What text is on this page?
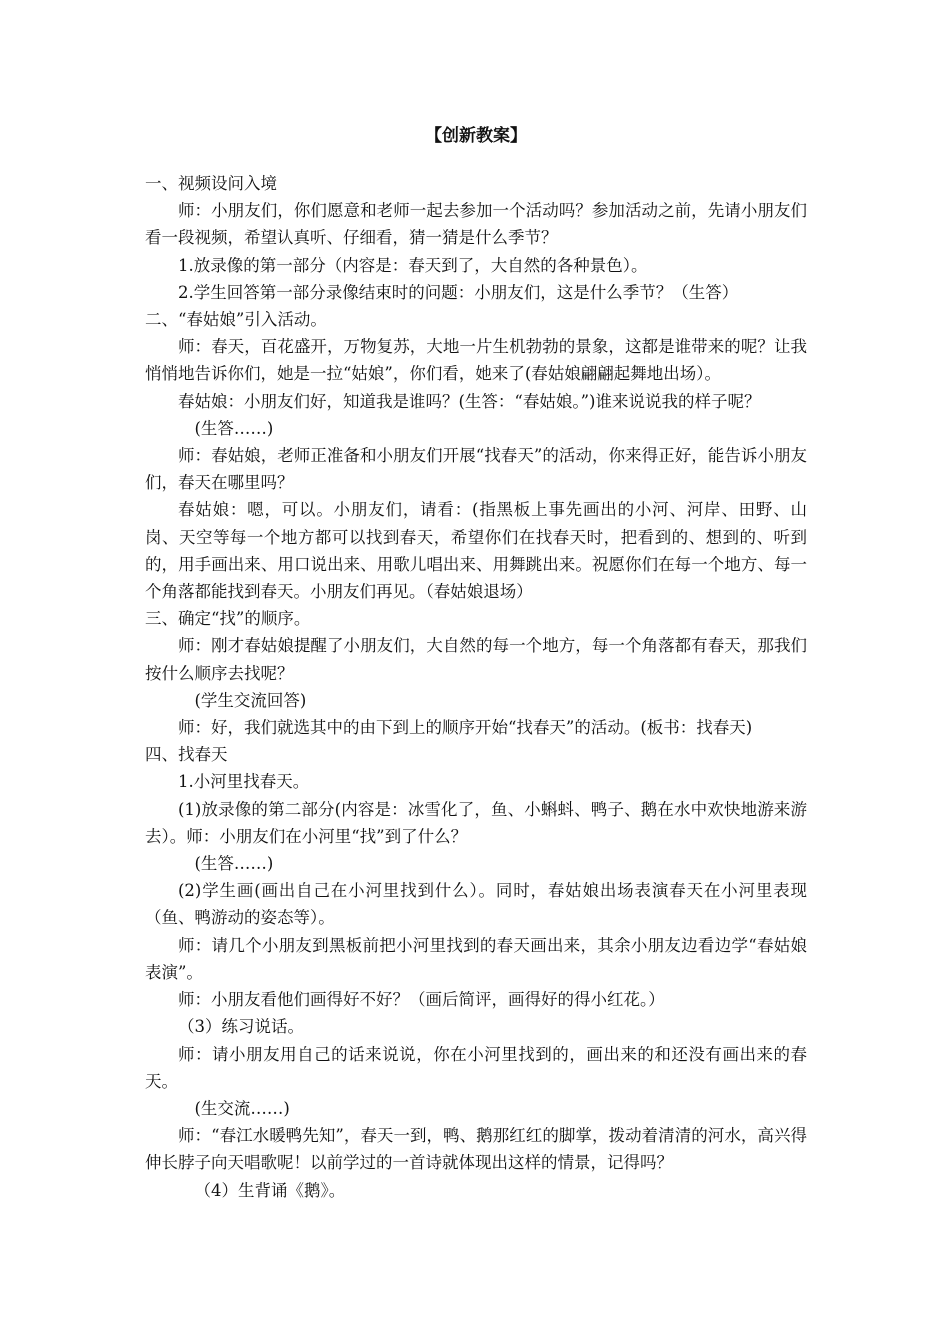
【创新教案】

一、视频设问入境

师：小朋友们，你们愿意和老师一起去参加一个活动吗？参加活动之前，先请小朋友们看一段视频，希望认真听、仔细看，猜一猜是什么季节？

1.放录像的第一部分（内容是：春天到了，大自然的各种景色）。

2.学生回答第一部分录像结束时的问题：小朋友们，这是什么季节？（生答）

二、“春姑娘”引入活动。

师：春天，百花盛开，万物复苏，大地一片生机勃勃的景象，这都是谁带来的呢？让我悄悄地告诉你们，她是一拉“姑娘”，你们看，她来了(春姑娘翩翩起舞地出场）。

春姑娘：小朋友们好，知道我是谁吗？(生答：“春姑娘。”)谁来说说我的样子呢？

(生答……)

师：春姑娘，老师正准备和小朋友们开展“找春天”的活动，你来得正好，能告诉小朋友们，春天在哪里吗？

春姑娘：嗯，可以。小朋友们，请看：(指黑板上事先画出的小河、河岸、田野、山岗、天空等每一个地方都可以找到春天，希望你们在找春天时，把看到的、想到的、听到的，用手画出来、用口说出来、用歌儿唱出来、用舞跳出来。祝愿你们在每一个地方、每一个角落都能找到春天。小朋友们再见。（春姑娘退场）

三、确定“找”的顺序。

师：刚才春姑娘提醒了小朋友们，大自然的每一个地方，每一个角落都有春天，那我们按什么顺序去找呢？

(学生交流回答)

师：好，我们就选其中的由下到上的顺序开始“找春天”的活动。(板书：找春天)

四、找春天

1.小河里找春天。

(1)放录像的第二部分(内容是：冰雪化了，鱼、小蝌蚪、鸭子、鹅在水中欢快地游来游去）。师：小朋友们在小河里“找”到了什么？

(生答……)

(2)学生画(画出自己在小河里找到什么）。同时，春姑娘出场表演春天在小河里表现（鱼、鸭游动的姿态等）。

师：请几个小朋友到黑板前把小河里找到的春天画出来，其余小朋友边看边学“春姑娘表演”。

师：小朋友看他们画得好不好？（画后简评，画得好的得小红花。）

（3）练习说话。

师：请小朋友用自己的话来说说，你在小河里找到的，画出来的和还没有画出来的春天。

(生交流……)

师：“春江水暖鸭先知”，春天一到，鸭、鹅那红红的脚掌，拨动着清清的河水，高兴得伸长脖子向天唱歌呢！以前学过的一首诗就体现出这样的情景，记得吗？

（4）生背诵《鹅》。
